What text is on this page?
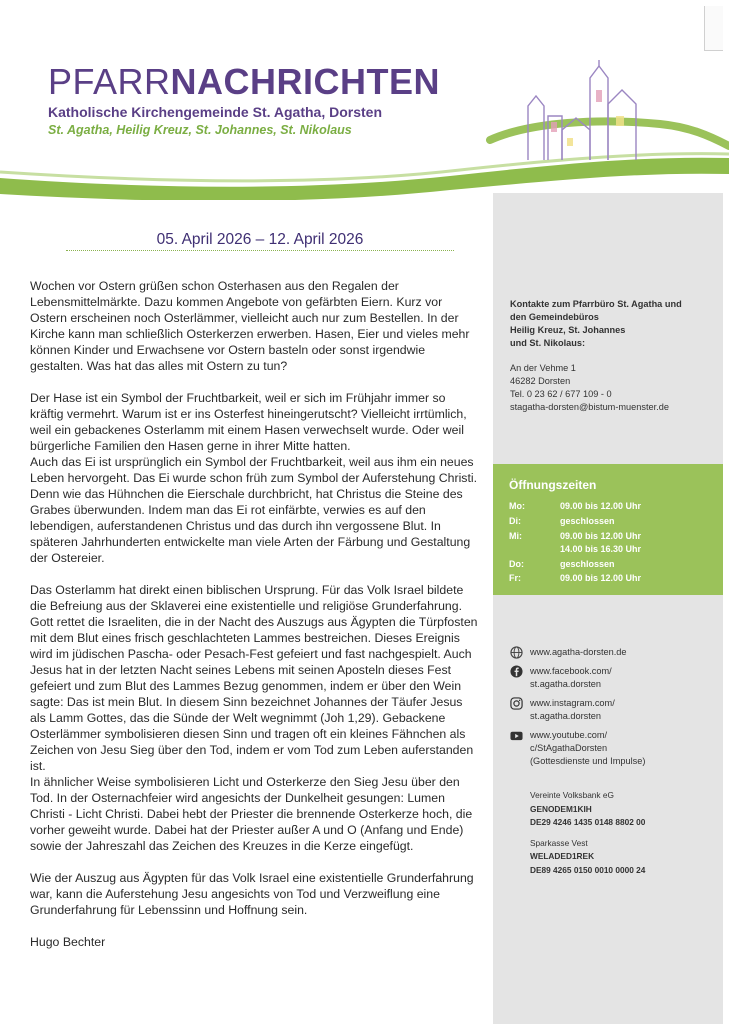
PFARRNACHRICHTEN
Katholische Kirchengemeinde St. Agatha, Dorsten
St. Agatha, Heilig Kreuz, St. Johannes, St. Nikolaus
05. April 2026 – 12. April 2026

Wochen vor Ostern grüßen schon Osterhasen aus den Regalen der Lebensmittelmärkte. Dazu kommen Angebote von gefärbten Eiern. Kurz vor Ostern erscheinen noch Osterlämmer, vielleicht auch nur zum Bestellen. In der Kirche kann man schließlich Osterkerzen erwerben. Hasen, Eier und vieles mehr können Kinder und Erwachsene vor Ostern basteln oder sonst irgendwie gestalten. Was hat das alles mit Ostern zu tun?

Der Hase ist ein Symbol der Fruchtbarkeit, weil er sich im Frühjahr immer so kräftig vermehrt. Warum ist er ins Osterfest hineingerutscht? Vielleicht irrtümlich, weil ein gebackenes Osterlamm mit einem Hasen verwechselt wurde. Oder weil bürgerliche Familien den Hasen gerne in ihrer Mitte hatten.

Auch das Ei ist ursprünglich ein Symbol der Fruchtbarkeit, weil aus ihm ein neues Leben hervorgeht. Das Ei wurde schon früh zum Symbol der Auferstehung Christi. Denn wie das Hühnchen die Eierschale durchbricht, hat Christus die Steine des Grabes überwunden. Indem man das Ei rot einfärbte, verwies es auf den lebendigen, auferstandenen Christus und das durch ihn vergossene Blut. In späteren Jahrhunderten entwickelte man viele Arten der Färbung und Gestaltung der Ostereier.

Das Osterlamm hat direkt einen biblischen Ursprung. Für das Volk Israel bildete die Befreiung aus der Sklaverei eine existentielle und religiöse Grunderfahrung. Gott rettet die Israeliten, die in der Nacht des Auszugs aus Ägypten die Türpfosten mit dem Blut eines frisch geschlachteten Lammes bestreichen. Dieses Ereignis wird im jüdischen Pascha- oder Pesach-Fest gefeiert und fast nachgespielt. Auch Jesus hat in der letzten Nacht seines Lebens mit seinen Aposteln dieses Fest gefeiert und zum Blut des Lammes Bezug genommen, indem er über den Wein sagte: Das ist mein Blut. In diesem Sinn bezeichnet Johannes der Täufer Jesus als Lamm Gottes, das die Sünde der Welt wegnimmt (Joh 1,29). Gebackene Osterlämmer symbolisieren diesen Sinn und tragen oft ein kleines Fähnchen als Zeichen von Jesu Sieg über den Tod, indem er vom Tod zum Leben auferstanden ist.

In ähnlicher Weise symbolisieren Licht und Osterkerze den Sieg Jesu über den Tod. In der Osternachfeier wird angesichts der Dunkelheit gesungen: Lumen Christi - Licht Christi. Dabei hebt der Priester die brennende Osterkerze hoch, die vorher geweiht wurde. Dabei hat der Priester außer A und O (Anfang und Ende) sowie der Jahreszahl das Zeichen des Kreuzes in die Kerze eingefügt.

Wie der Auszug aus Ägypten für das Volk Israel eine existentielle Grunderfahrung war, kann die Auferstehung Jesu angesichts von Tod und Verzweiflung eine Grunderfahrung für Lebenssinn und Hoffnung sein.

Hugo Bechter

Kontakte zum Pfarrbüro St. Agatha und
den Gemeindebüros
Heilig Kreuz, St. Johannes
und St. Nikolaus:
An der Vehme 1
46282 Dorsten
Tel. 0 23 62 / 677 109 - 0
stagatha-dorsten@bistum-muenster.de
Öffnungszeiten
Mo:	09.00 bis 12.00 Uhr
Di:	geschlossen
Mi:	09.00 bis 12.00 Uhr
14.00 bis 16.30 Uhr
Do:	geschlossen
Fr:	09.00 bis 12.00 Uhr
www.agatha-dorsten.de
www.facebook.com/
st.agatha.dorsten
www.instagram.com/
st.agatha.dorsten
www.youtube.com/
c/StAgathaDorsten
(Gottesdienste und Impulse)
Vereinte Volksbank eG
GENODEM1KIH
DE29 4246 1435 0148 8802 00
Sparkasse Vest
WELADED1REK
DE89 4265 0150 0010 0000 24
